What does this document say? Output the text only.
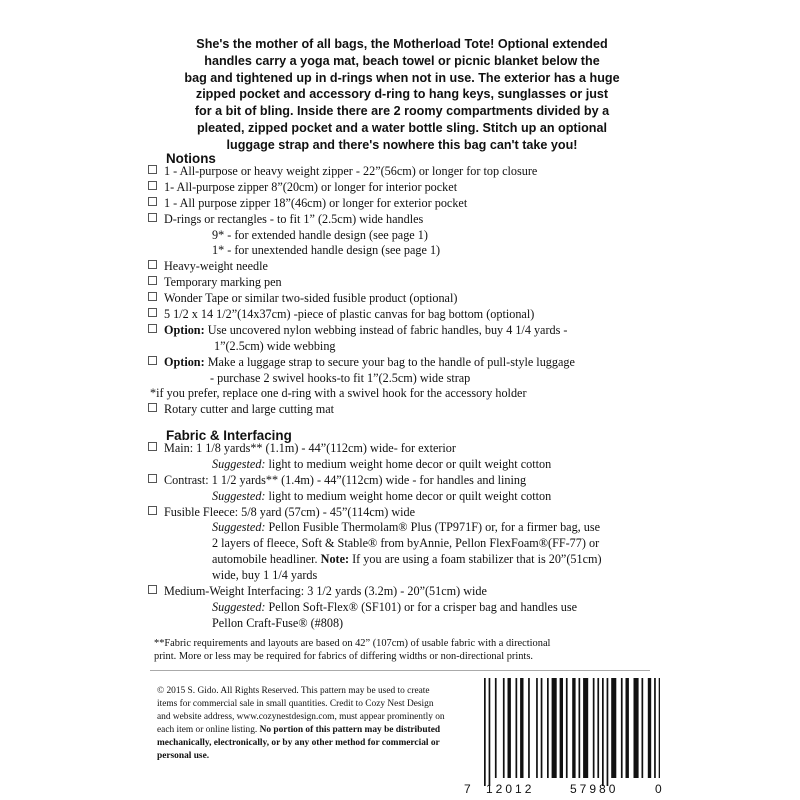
She's the mother of all bags, the Motherload Tote! Optional extended
handles carry a yoga mat, beach towel or picnic blanket below the
bag and tightened up in d-rings when not in use. The exterior has a huge
zipped pocket and accessory d-ring to hang keys, sunglasses or just
for a bit of bling. Inside there are 2 roomy compartments divided by a
pleated, zipped pocket and a water bottle sling. Stitch up an optional
luggage strap and there's nowhere this bag can't take you!
Notions
1 - All-purpose or heavy weight zipper - 22”(56cm) or longer for top closure
1- All-purpose zipper 8”(20cm) or longer for interior pocket
1 - All purpose zipper 18”(46cm) or longer for exterior pocket
D-rings or rectangles - to fit 1” (2.5cm) wide handles
9* - for extended handle design (see page 1)
1* - for unextended handle design (see page 1)
Heavy-weight needle
Temporary marking pen
Wonder Tape or similar two-sided fusible product (optional)
5 1/2 x 14 1/2”(14x37cm) -piece of plastic canvas for bag bottom (optional)
Option: Use uncovered nylon webbing instead of fabric handles, buy 4 1/4 yards -
1”(2.5cm) wide webbing
Option: Make a luggage strap to secure your bag to the handle of pull-style luggage
- purchase 2 swivel hooks-to fit 1”(2.5cm) wide strap
*if you prefer, replace one d-ring with a swivel hook for the accessory holder
Rotary cutter and large cutting mat
Fabric & Interfacing
Main: 1 1/8 yards** (1.1m) - 44”(112cm) wide- for exterior
Suggested: light to medium weight home decor or quilt weight cotton
Contrast: 1 1/2 yards** (1.4m) - 44”(112cm) wide - for handles and lining
Suggested: light to medium weight home decor or quilt weight cotton
Fusible Fleece: 5/8 yard (57cm) - 45”(114cm) wide
Suggested: Pellon Fusible Thermolam® Plus (TP971F) or, for a firmer bag, use
2 layers of fleece, Soft & Stable® from byAnnie, Pellon FlexFoam®(FF-77) or
automobile headliner. Note: If you are using a foam stabilizer that is 20”(51cm)
wide, buy 1 1/4 yards
Medium-Weight Interfacing: 3 1/2 yards (3.2m) - 20”(51cm) wide
Suggested: Pellon Soft-Flex® (SF101) or for a crisper bag and handles use
Pellon Craft-Fuse® (#808)
**Fabric requirements and layouts are based on 42” (107cm) of usable fabric with a directional
print. More or less may be required for fabrics of differing widths or non-directional prints.
© 2015 S. Gido. All Rights Reserved. This pattern may be used to create
items for commercial sale in small quantities. Credit to Cozy Nest Design
and website address, www.cozynestdesign.com, must appear prominently on
each item or online listing. No portion of this pattern may be distributed
mechanically, electronically, or by any other method for commercial or
personal use.
7 12012	57980	0
